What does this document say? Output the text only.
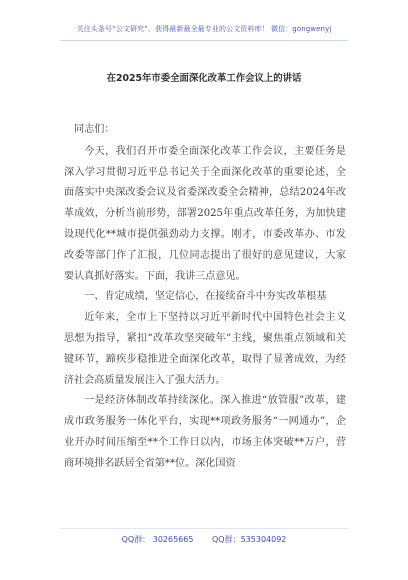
关注头条号“公文研究”，获得最新最全最专业的公文资料库！ 微信：gongwenyj
在2025年市委全面深化改革工作会议上的讲话

同志们：

今天，我们召开市委全面深化改革工作会议，主要任务是深入学习贯彻习近平总书记关于全面深化改革的重要论述，全面落实中央深改委会议及省委深改委全会精神，总结2024年改革成效，分析当前形势，部署2025年重点改革任务，为加快建设现代化**城市提供强劲动力支撑。刚才，市委改革办、市发改委等部门作了汇报，几位同志提出了很好的意见建议，大家要认真抓好落实。下面，我讲三点意见。

一、肯定成绩，坚定信心，在接续奋斗中夯实改革根基

近年来，全市上下坚持以习近平新时代中国特色社会主义思想为指导，紧扣“改革攻坚突破年”主线，聚焦重点领域和关键环节，蹄疾步稳推进全面深化改革，取得了显著成效，为经济社会高质量发展注入了强大活力。

一是经济体制改革持续深化。深入推进“放管服”改革，建成市政务服务一体化平台，实现**项政务服务“一网通办”，企业开办时间压缩至**个工作日以内，市场主体突破**万户，营商环境排名跃居全省第**位。深化国资

QQ群： 30265665 QQ群：535304092
